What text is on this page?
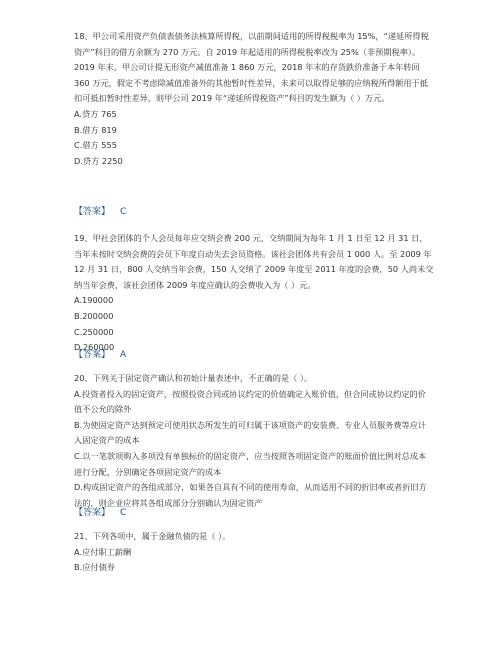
18、甲公司采用资产负债表债务法核算所得税，以前期间适用的所得税税率为 15%，“递延所得税资产”科目的借方余额为 270 万元。自 2019 年起适用的所得税税率改为 25%（非预期税率）。2019 年末，甲公司计提无形资产减值准备 1 860 万元，2018 年末的存货跌价准备于本年转回 360 万元，假定不考虑除减值准备外的其他暂时性差异，未来可以取得足够的应纳税所得额用于抵扣可抵扣暂时性差异，则甲公司 2019 年“递延所得税资产”科目的发生额为（ ）万元。

A.贷方 765

B.借方 819

C.借方 555

D.贷方 2250

【答案】 C

19、甲社会团体的个人会员每年应交纳会费 200 元，交纳期间为每年 1 月 1 日至 12 月 31 日，当年未按时交纳会费的会员下年度自动失去会员资格。该社会团体共有会员 1 000 人。至 2009 年 12 月 31 日，800 人交纳当年会费，150 人交纳了 2009 年度至 2011 年度的会费，50 人尚未交纳当年会费，该社会团体 2009 年度应确认的会费收入为（ ）元。

A.190000

B.200000

C.250000

D.260000

【答案】 A

20、下列关于固定资产确认和初始计量表述中，不正确的是（ ）。

A.投资者投入的固定资产，按照投资合同或协议约定的价值确定入账价值，但合同或协议约定的价值不公允的除外

B.为使固定资产达到预定可使用状态所发生的可归属于该项资产的安装费、专业人员服务费等应计入固定资产的成本

C.以一笔款项购入多项没有单独标价的固定资产，应当按照各项固定资产的账面价值比例对总成本进行分配，分别确定各项固定资产的成本

D.构成固定资产的各组成部分，如果各自具有不同的使用寿命，从而适用不同的折旧率或者折旧方法的，则企业应将其各组成部分分别确认为固定资产

【答案】 C

21、下列各项中，属于金融负债的是（ ）。

A.应付职工薪酬

B.应付债券
